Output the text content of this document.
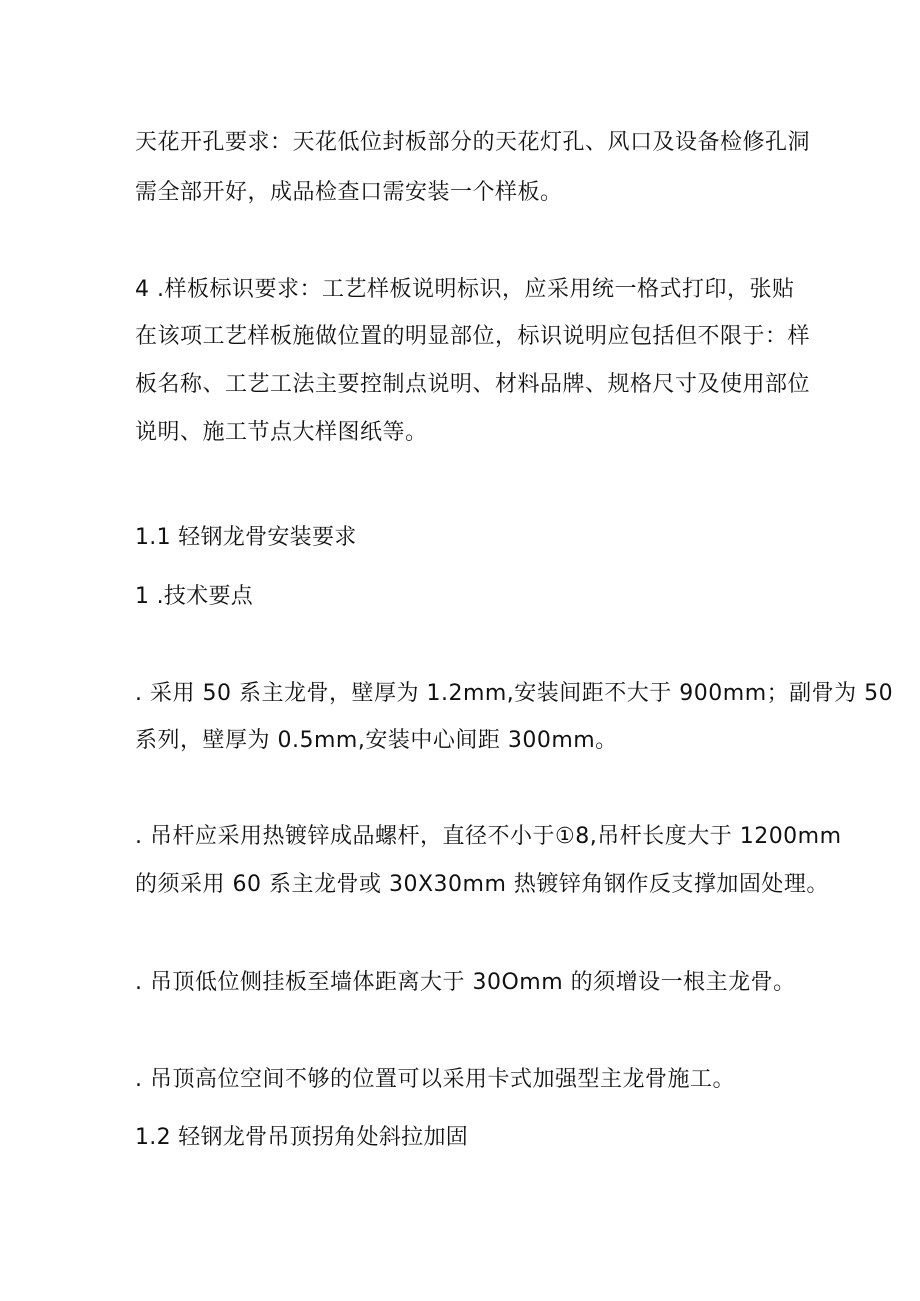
天花开孔要求：天花低位封板部分的天花灯孔、风口及设备检修孔洞
需全部开好，成品检查口需安装一个样板。
4 .样板标识要求：工艺样板说明标识，应采用统一格式打印，张贴
在该项工艺样板施做位置的明显部位，标识说明应包括但不限于：样
板名称、工艺工法主要控制点说明、材料品牌、规格尺寸及使用部位
说明、施工节点大样图纸等。
1.1 轻钢龙骨安装要求
1 .技术要点
. 采用 50 系主龙骨，壁厚为 1.2mm,安装间距不大于 900mm；副骨为 50
系列，壁厚为 0.5mm,安装中心间距 300mm。
. 吊杆应采用热镀锌成品螺杆，直径不小于①8,吊杆长度大于 1200mm
的须采用 60 系主龙骨或 30X30mm 热镀锌角钢作反支撑加固处理。
. 吊顶低位侧挂板至墙体距离大于 30Omm 的须增设一根主龙骨。
. 吊顶高位空间不够的位置可以采用卡式加强型主龙骨施工。
1.2 轻钢龙骨吊顶拐角处斜拉加固
